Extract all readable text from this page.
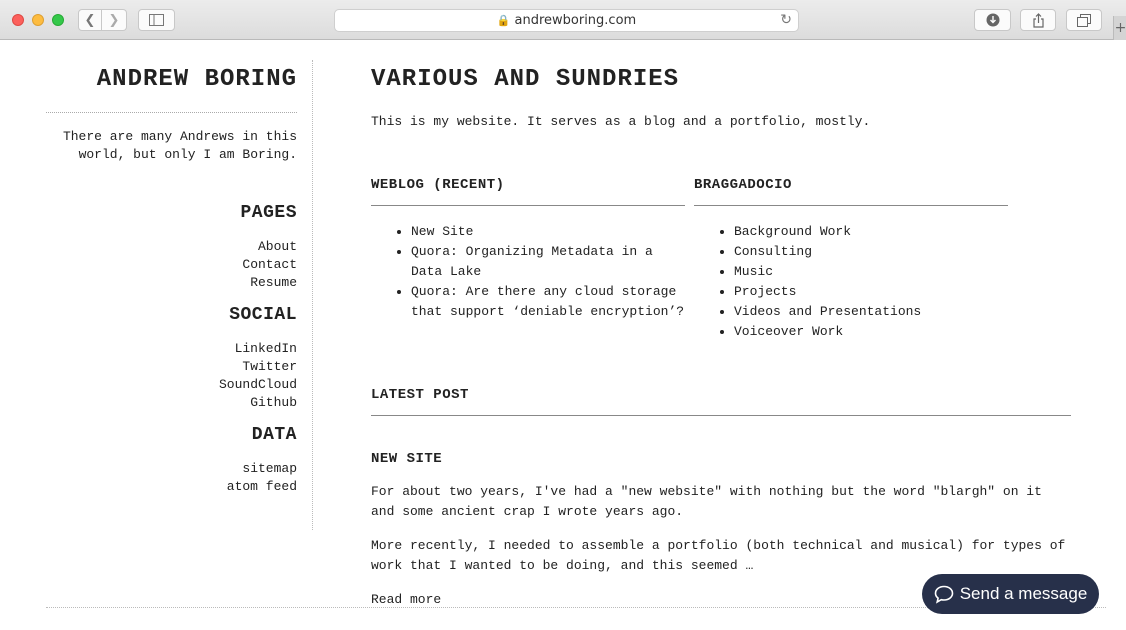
❮ ❯	🔒 andrewboring.com	↻	+
ANDREW BORING
There are many Andrews in this
world, but only I am Boring.
PAGES
About
Contact
Resume
SOCIAL
LinkedIn
Twitter
SoundCloud
Github
DATA
sitemap
atom feed
VARIOUS AND SUNDRIES
This is my website. It serves as a blog and a portfolio, mostly.
WEBLOG (RECENT)
• New Site
• Quora: Organizing Metadata in a Data Lake
• Quora: Are there any cloud storage that support ‘deniable encryption’?
BRAGGADOCIO
• Background Work
• Consulting
• Music
• Projects
• Videos and Presentations
• Voiceover Work
LATEST POST
NEW SITE
For about two years, I've had a "new website" with nothing but the word "blargh" on it and some ancient crap I wrote years ago.
More recently, I needed to assemble a portfolio (both technical and musical) for types of work that I wanted to be doing, and this seemed …
Read more	Send a message
